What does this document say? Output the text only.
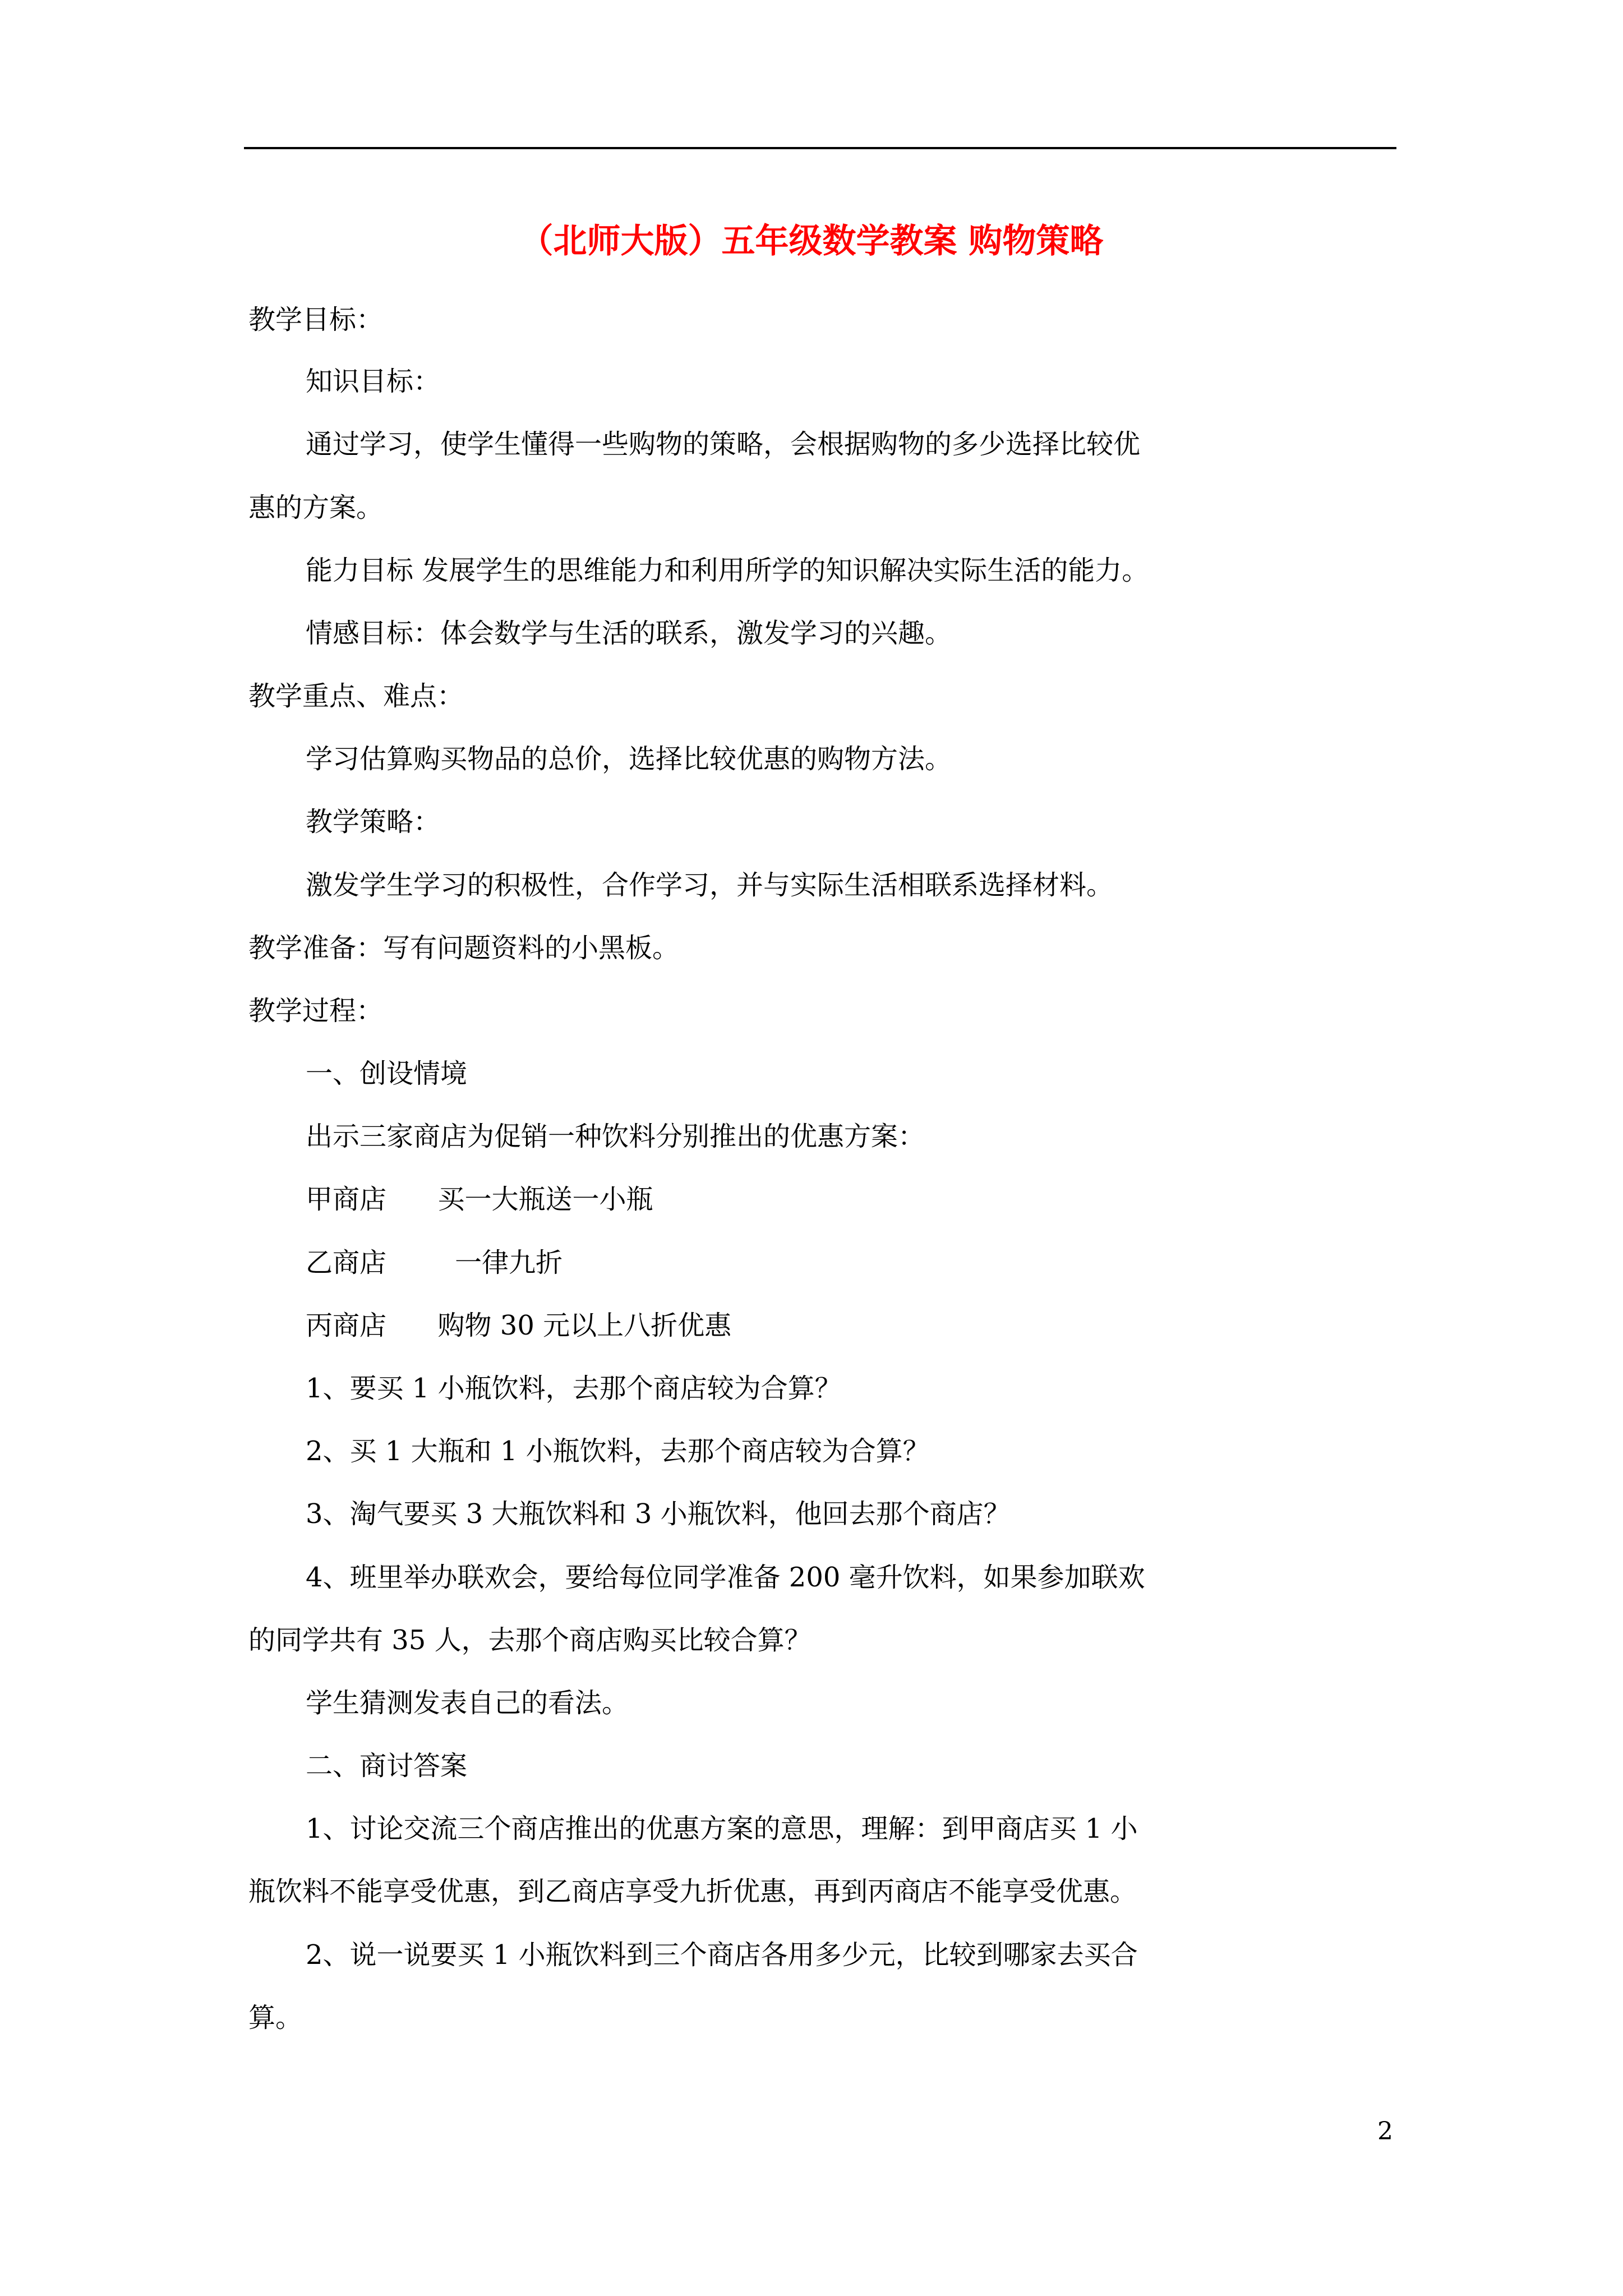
（北师大版）五年级数学教案 购物策略
教学目标：
知识目标：
通过学习，使学生懂得一些购物的策略，会根据购物的多少选择比较优
惠的方案。
能力目标 发展学生的思维能力和利用所学的知识解决实际生活的能力。
情感目标：体会数学与生活的联系，激发学习的兴趣。
教学重点、难点：
学习估算购买物品的总价，选择比较优惠的购物方法。
教学策略：
激发学生学习的积极性，合作学习，并与实际生活相联系选择材料。
教学准备：写有问题资料的小黑板。
教学过程：
一、创设情境
出示三家商店为促销一种饮料分别推出的优惠方案：
甲商店      买一大瓶送一小瓶
乙商店        一律九折
丙商店      购物 30 元以上八折优惠
1、要买 1 小瓶饮料，去那个商店较为合算？
2、买 1 大瓶和 1 小瓶饮料，去那个商店较为合算？
3、淘气要买 3 大瓶饮料和 3 小瓶饮料，他回去那个商店？
4、班里举办联欢会，要给每位同学准备 200 毫升饮料，如果参加联欢
的同学共有 35 人，去那个商店购买比较合算？
学生猜测发表自己的看法。
二、商讨答案
1、讨论交流三个商店推出的优惠方案的意思，理解：到甲商店买 1 小
瓶饮料不能享受优惠，到乙商店享受九折优惠，再到丙商店不能享受优惠。
2、说一说要买 1 小瓶饮料到三个商店各用多少元，比较到哪家去买合
算。
2
